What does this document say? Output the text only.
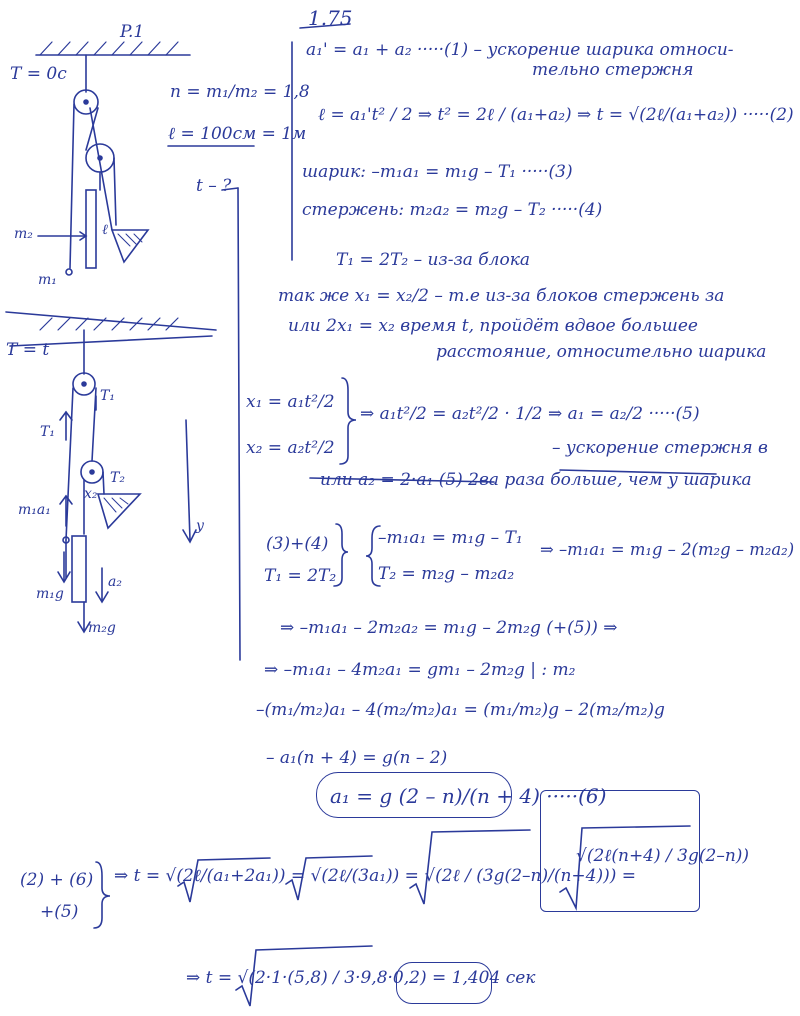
P.1
1.75
T = 0с
n = m₁/m₂ = 1,8
ℓ = 100см = 1м
t – ?
m₂	ℓ
m₁
T = t
T₁
T₁
T₂
x₂
m₁a₁
m₁g
a₂
m₂g
y
a₁' = a₁ + a₂ ·····(1) – ускорение шарика относи-
тельно стержня
ℓ = a₁'t² / 2 ⇒ t² = 2ℓ / (a₁+a₂) ⇒ t = √(2ℓ/(a₁+a₂)) ·····(2)
шарик: –m₁a₁ = m₁g – T₁ ·····(3)
стержень: m₂a₂ = m₂g – T₂ ·····(4)
T₁ = 2T₂ – из-за блока
так же x₁ = x₂/2 – т.е из-за блоков стержень за
или 2x₁ = x₂ время t, пройдёт вдвое большее
расстояние, относительно шарика
x₁ = a₁t²/2
x₂ = a₂t²/2
⇒ a₁t²/2 = a₂t²/2 · 1/2 ⇒ a₁ = a₂/2 ·····(5)
– ускорение стержня в
или a₂ = 2·a₁ (5) 2ва раза больше, чем у шарика
(3)+(4)
T₁ = 2T₂
–m₁a₁ = m₁g – T₁
T₂ = m₂g – m₂a₂
⇒ –m₁a₁ = m₁g – 2(m₂g – m₂a₂)
⇒ –m₁a₁ – 2m₂a₂ = m₁g – 2m₂g (+(5)) ⇒
⇒ –m₁a₁ – 4m₂a₁ = gm₁ – 2m₂g | : m₂
–(m₁/m₂)a₁ – 4(m₂/m₂)a₁ = (m₁/m₂)g – 2(m₂/m₂)g
– a₁(n + 4) = g(n – 2)
a₁ = g (2 – n)/(n + 4) ·····(6)
(2) + (6)
+(5)
⇒ t = √(2ℓ/(a₁+2a₁)) = √(2ℓ/(3a₁)) = √(2ℓ / (3g(2–n)/(n+4))) =
√(2ℓ(n+4) / 3g(2–n))
⇒ t = √(2·1·(5,8) / 3·9,8·0,2) = 1,404 сек
